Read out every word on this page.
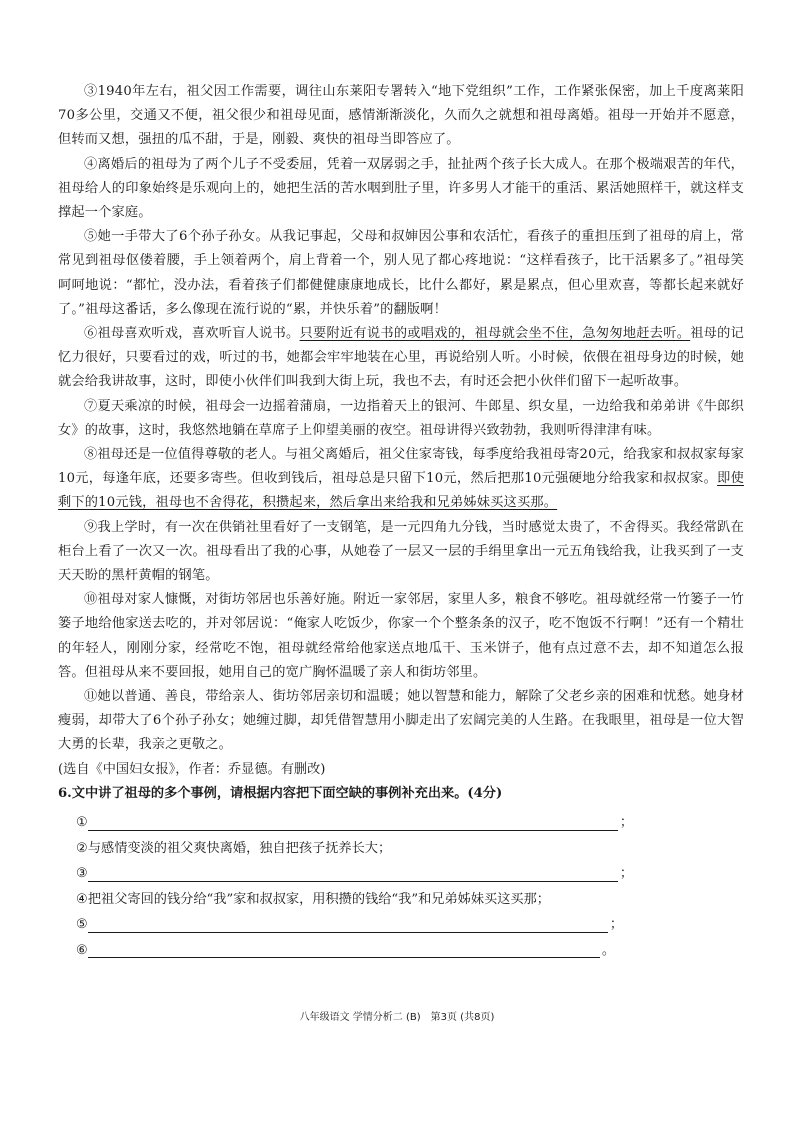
③1940年左右，祖父因工作需要，调往山东莱阳专署转入“地下党组织”工作，工作紧张保密，加上千度离莱阳70多公里，交通又不便，祖父很少和祖母见面，感情渐渐淡化，久而久之就想和祖母离婚。祖母一开始并不愿意，但转而又想，强扭的瓜不甜，于是，刚毅、爽快的祖母当即答应了。

④离婚后的祖母为了两个儿子不受委屈，凭着一双孱弱之手，扯扯两个孩子长大成人。在那个极端艰苦的年代，祖母给人的印象始终是乐观向上的，她把生活的苦水咽到肚子里，许多男人才能干的重活、累活她照样干，就这样支撑起一个家庭。

⑤她一手带大了6个孙子孙女。从我记事起，父母和叔婶因公事和农活忙，看孩子的重担压到了祖母的肩上，常常见到祖母伛偻着腰，手上领着两个，肩上背着一个，别人见了都心疼地说：“这样看孩子，比干活累多了。”祖母笑呵呵地说：“都忙，没办法，看着孩子们都健健康康地成长，比什么都好，累是累点，但心里欢喜，等都长起来就好了。”祖母这番话，多么像现在流行说的“累，并快乐着”的翻版啊！

⑥祖母喜欢听戏，喜欢听盲人说书。只要附近有说书的或唱戏的，祖母就会坐不住，急匆匆地赶去听。祖母的记忆力很好，只要看过的戏，听过的书，她都会牢牢地装在心里，再说给别人听。小时候，依偎在祖母身边的时候，她就会给我讲故事，这时，即使小伙伴们叫我到大街上玩，我也不去，有时还会把小伙伴们留下一起听故事。

⑦夏天乘凉的时候，祖母会一边摇着蒲扇，一边指着天上的银河、牛郎星、织女星，一边给我和弟弟讲《牛郎织女》的故事，这时，我悠然地躺在草席子上仰望美丽的夜空。祖母讲得兴致勃勃，我则听得津津有味。

⑧祖母还是一位值得尊敬的老人。与祖父离婚后，祖父住家寄钱，每季度给我祖母寄20元，给我家和叔叔家每家10元，每逢年底，还要多寄些。但收到钱后，祖母总是只留下10元，然后把那10元强硬地分给我家和叔叔家。即使剩下的10元钱，祖母也不舍得花，积攒起来，然后拿出来给我和兄弟姊妹买这买那。

⑨我上学时，有一次在供销社里看好了一支钢笔，是一元四角九分钱，当时感觉太贵了，不舍得买。我经常趴在柜台上看了一次又一次。祖母看出了我的心事，从她卷了一层又一层的手绢里拿出一元五角钱给我，让我买到了一支天天盼的黑杆黄帽的钢笔。

⑩祖母对家人慷慨，对街坊邻居也乐善好施。附近一家邻居，家里人多，粮食不够吃。祖母就经常一竹篓子一竹篓子地给他家送去吃的，并对邻居说：“俺家人吃饭少，你家一个个整条条的汉子，吃不饱饭不行啊！”还有一个精壮的年轻人，刚刚分家，经常吃不饱，祖母就经常给他家送点地瓜干、玉米饼子，他有点过意不去，却不知道怎么报答。但祖母从来不要回报，她用自己的宽广胸怀温暖了亲人和街坊邻里。

⑪她以普通、善良，带给亲人、街坊邻居亲切和温暖；她以智慧和能力，解除了父老乡亲的困难和忧愁。她身材瘦弱，却带大了6个孙子孙女；她缠过脚，却凭借智慧用小脚走出了宏阔完美的人生路。在我眼里，祖母是一位大智大勇的长辈，我亲之更敬之。

(选自《中国妇女报》，作者：乔显德。有删改)

6.文中讲了祖母的多个事例，请根据内容把下面空缺的事例补充出来。(4分)

①	；
② 与感情变淡的祖父爽快离婚，独自把孩子抚养长大；
③	；
④ 把祖父寄回的钱分给“我”家和叔叔家，用积攒的钱给“我”和兄弟姊妹买这买那；
⑤	；
⑥	。
八年级语文 学情分析二 (B)　第3页 (共8页)
